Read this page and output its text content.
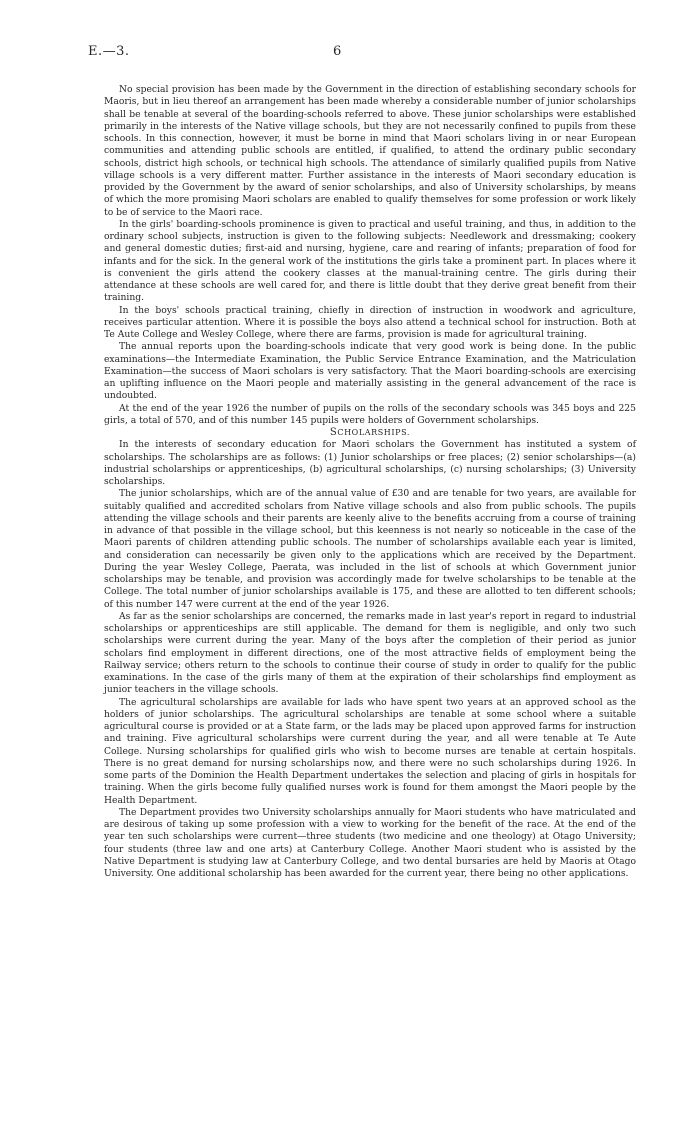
E.—3.	6

No special provision has been made by the Government in the direction of establishing secondary schools for Maoris, but in lieu thereof an arrangement has been made whereby a considerable number of junior scholarships shall be tenable at several of the boarding-schools referred to above. These junior scholarships were established primarily in the interests of the Native village schools, but they are not necessarily confined to pupils from these schools. In this connection, however, it must be borne in mind that Maori scholars living in or near European communities and attending public schools are entitled, if qualified, to attend the ordinary public secondary schools, district high schools, or technical high schools. The attendance of similarly qualified pupils from Native village schools is a very different matter. Further assistance in the interests of Maori secondary education is provided by the Government by the award of senior scholarships, and also of University scholarships, by means of which the more promising Maori scholars are enabled to qualify themselves for some profession or work likely to be of service to the Maori race.

In the girls' boarding-schools prominence is given to practical and useful training, and thus, in addition to the ordinary school subjects, instruction is given to the following subjects: Needlework and dressmaking; cookery and general domestic duties; first-aid and nursing, hygiene, care and rearing of infants; preparation of food for infants and for the sick. In the general work of the institutions the girls take a prominent part. In places where it is convenient the girls attend the cookery classes at the manual-training centre. The girls during their attendance at these schools are well cared for, and there is little doubt that they derive great benefit from their training.

In the boys' schools practical training, chiefly in direction of instruction in woodwork and agriculture, receives particular attention. Where it is possible the boys also attend a technical school for instruction. Both at Te Aute College and Wesley College, where there are farms, provision is made for agricultural training.

The annual reports upon the boarding-schools indicate that very good work is being done. In the public examinations—the Intermediate Examination, the Public Service Entrance Examination, and the Matriculation Examination—the success of Maori scholars is very satisfactory. That the Maori boarding-schools are exercising an uplifting influence on the Maori people and materially assisting in the general advancement of the race is undoubted.

At the end of the year 1926 the number of pupils on the rolls of the secondary schools was 345 boys and 225 girls, a total of 570, and of this number 145 pupils were holders of Government scholarships.

SCHOLARSHIPS.

In the interests of secondary education for Maori scholars the Government has instituted a system of scholarships. The scholarships are as follows: (1) Junior scholarships or free places; (2) senior scholarships—(a) industrial scholarships or apprenticeships, (b) agricultural scholarships, (c) nursing scholarships; (3) University scholarships.

The junior scholarships, which are of the annual value of £30 and are tenable for two years, are available for suitably qualified and accredited scholars from Native village schools and also from public schools. The pupils attending the village schools and their parents are keenly alive to the benefits accruing from a course of training in advance of that possible in the village school, but this keenness is not nearly so noticeable in the case of the Maori parents of children attending public schools. The number of scholarships available each year is limited, and consideration can necessarily be given only to the applications which are received by the Department. During the year Wesley College, Paerata, was included in the list of schools at which Government junior scholarships may be tenable, and provision was accordingly made for twelve scholarships to be tenable at the College. The total number of junior scholarships available is 175, and these are allotted to ten different schools; of this number 147 were current at the end of the year 1926.

As far as the senior scholarships are concerned, the remarks made in last year's report in regard to industrial scholarships or apprenticeships are still applicable. The demand for them is negligible, and only two such scholarships were current during the year. Many of the boys after the completion of their period as junior scholars find employment in different directions, one of the most attractive fields of employment being the Railway service; others return to the schools to continue their course of study in order to qualify for the public examinations. In the case of the girls many of them at the expiration of their scholarships find employment as junior teachers in the village schools.

The agricultural scholarships are available for lads who have spent two years at an approved school as the holders of junior scholarships. The agricultural scholarships are tenable at some school where a suitable agricultural course is provided or at a State farm, or the lads may be placed upon approved farms for instruction and training. Five agricultural scholarships were current during the year, and all were tenable at Te Aute College. Nursing scholarships for qualified girls who wish to become nurses are tenable at certain hospitals. There is no great demand for nursing scholarships now, and there were no such scholarships during 1926. In some parts of the Dominion the Health Department undertakes the selection and placing of girls in hospitals for training. When the girls become fully qualified nurses work is found for them amongst the Maori people by the Health Department.

The Department provides two University scholarships annually for Maori students who have matriculated and are desirous of taking up some profession with a view to working for the benefit of the race. At the end of the year ten such scholarships were current—three students (two medicine and one theology) at Otago University; four students (three law and one arts) at Canterbury College. Another Maori student who is assisted by the Native Department is studying law at Canterbury College, and two dental bursaries are held by Maoris at Otago University. One additional scholarship has been awarded for the current year, there being no other applications.
